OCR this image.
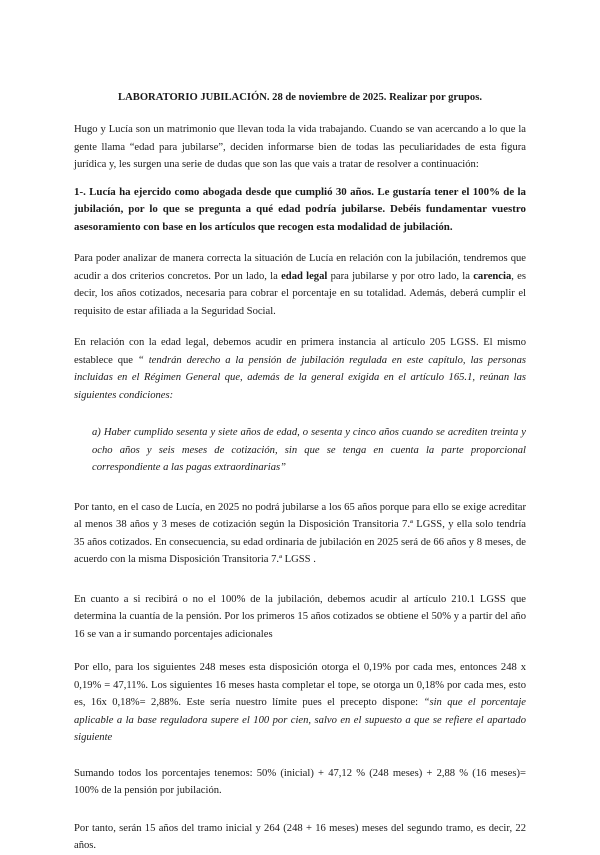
LABORATORIO JUBILACIÓN. 28 de noviembre de 2025. Realizar por grupos.

Hugo y Lucía son un matrimonio que llevan toda la vida trabajando. Cuando se van acercando a lo que la gente llama “edad para jubilarse”, deciden informarse bien de todas las peculiaridades de esta figura jurídica y, les surgen una serie de dudas que son las que vais a tratar de resolver a continuación:

1-. Lucía ha ejercido como abogada desde que cumplió 30 años. Le gustaría tener el 100% de la jubilación, por lo que se pregunta a qué edad podría jubilarse. Debéis fundamentar vuestro asesoramiento con base en los artículos que recogen esta modalidad de jubilación.

Para poder analizar de manera correcta la situación de Lucía en relación con la jubilación, tendremos que acudir a dos criterios concretos. Por un lado, la edad legal para jubilarse y por otro lado, la carencia, es decir, los años cotizados, necesaria para cobrar el porcentaje en su totalidad. Además, deberá cumplir el requisito de estar afiliada a la Seguridad Social.

En relación con la edad legal, debemos acudir en primera instancia al artículo 205 LGSS. El mismo establece que “ tendrán derecho a la pensión de jubilación regulada en este capítulo, las personas incluidas en el Régimen General que, además de la general exigida en el artículo 165.1, reúnan las siguientes condiciones:

a) Haber cumplido sesenta y siete años de edad, o sesenta y cinco años cuando se acrediten treinta y ocho años y seis meses de cotización, sin que se tenga en cuenta la parte proporcional correspondiente a las pagas extraordinarias”

Por tanto, en el caso de Lucía, en 2025 no podrá jubilarse a los 65 años porque para ello se exige acreditar al menos 38 años y 3 meses de cotización según la Disposición Transitoria 7.ª LGSS, y ella solo tendría 35 años cotizados. En consecuencia, su edad ordinaria de jubilación en 2025 será de 66 años y 8 meses, de acuerdo con la misma Disposición Transitoria 7.ª LGSS .

En cuanto a si recibirá o no el 100% de la jubilación, debemos acudir al artículo 210.1 LGSS que determina la cuantía de la pensión. Por los primeros 15 años cotizados se obtiene el 50% y a partir del año 16 se van a ir sumando porcentajes adicionales

Por ello, para los siguientes 248 meses esta disposición otorga el 0,19% por cada mes, entonces 248 x 0,19% = 47,11%. Los siguientes 16 meses hasta completar el tope, se otorga un 0,18% por cada mes, esto es, 16x 0,18%= 2,88%. Este sería nuestro límite pues el precepto dispone: “sin que el porcentaje aplicable a la base reguladora supere el 100 por cien, salvo en el supuesto a que se refiere el apartado siguiente

Sumando todos los porcentajes tenemos: 50% (inicial) + 47,12 % (248 meses) + 2,88 % (16 meses)= 100% de la pensión por jubilación.

Por tanto, serán 15 años del tramo inicial y 264 (248 + 16 meses) meses del segundo tramo, es decir, 22 años.
